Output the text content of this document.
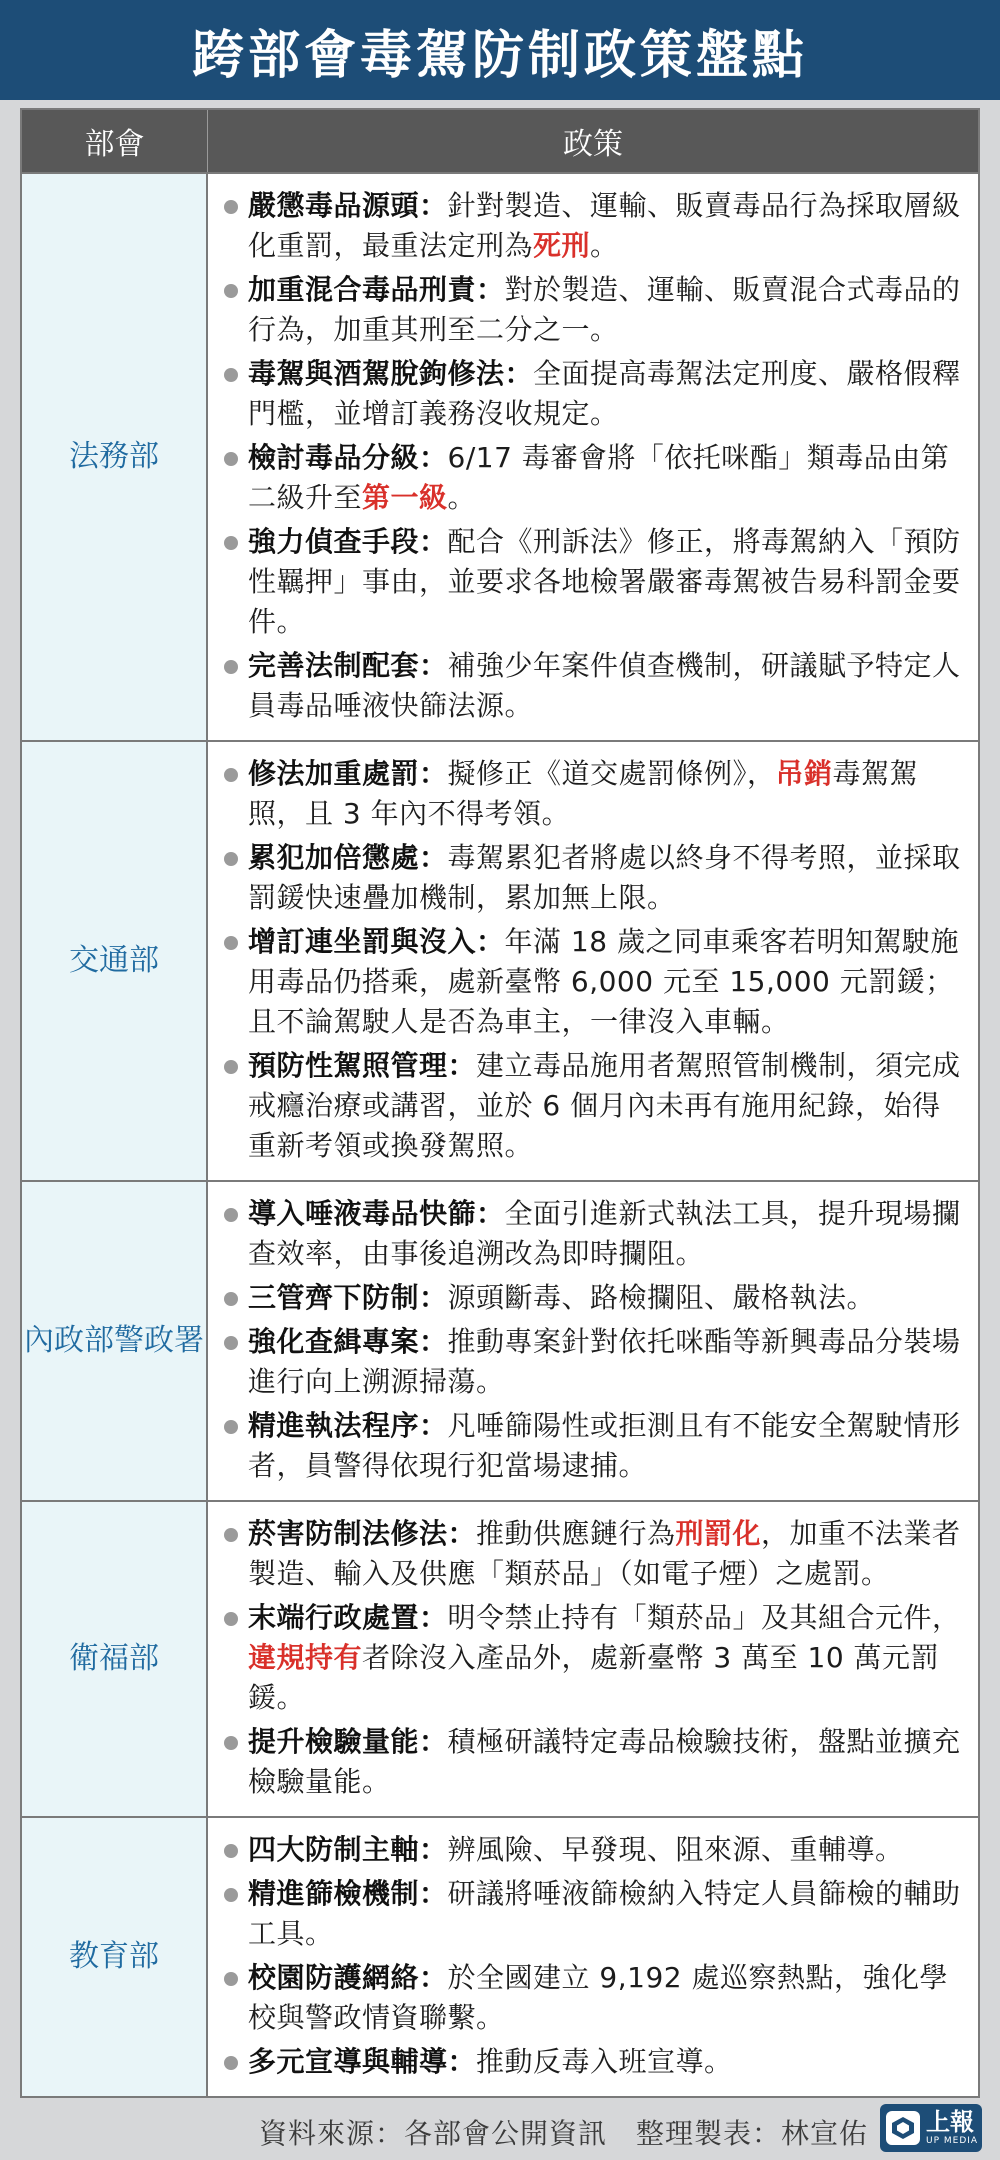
跨部會毒駕防制政策盤點
部會	政策
法務部
嚴懲毒品源頭：針對製造、運輸、販賣毒品行為採取層級化重罰，最重法定刑為死刑。
加重混合毒品刑責：對於製造、運輸、販賣混合式毒品的行為，加重其刑至二分之一。
毒駕與酒駕脫鉤修法：全面提高毒駕法定刑度、嚴格假釋門檻，並增訂義務沒收規定。
檢討毒品分級：6/17 毒審會將「依托咪酯」類毒品由第二級升至第一級。
強力偵查手段：配合《刑訴法》修正，將毒駕納入「預防性羈押」事由，並要求各地檢署嚴審毒駕被告易科罰金要件。
完善法制配套：補強少年案件偵查機制，研議賦予特定人員毒品唾液快篩法源。
交通部
修法加重處罰：擬修正《道交處罰條例》，吊銷毒駕駕照，且 3 年內不得考領。
累犯加倍懲處：毒駕累犯者將處以終身不得考照，並採取罰鍰快速疊加機制，累加無上限。
增訂連坐罰與沒入：年滿 18 歲之同車乘客若明知駕駛施用毒品仍搭乘，處新臺幣 6,000 元至 15,000 元罰鍰；且不論駕駛人是否為車主，一律沒入車輛。
預防性駕照管理：建立毒品施用者駕照管制機制，須完成戒癮治療或講習，並於 6 個月內未再有施用紀錄，始得重新考領或換發駕照。
內政部 警政署
導入唾液毒品快篩：全面引進新式執法工具，提升現場攔查效率，由事後追溯改為即時攔阻。
三管齊下防制：源頭斷毒、路檢攔阻、嚴格執法。
強化查緝專案：推動專案針對依托咪酯等新興毒品分裝場進行向上溯源掃蕩。
精進執法程序：凡唾篩陽性或拒測且有不能安全駕駛情形者，員警得依現行犯當場逮捕。
衛福部
菸害防制法修法：推動供應鏈行為刑罰化，加重不法業者製造、輸入及供應「類菸品」（如電子煙）之處罰。
末端行政處置：明令禁止持有「類菸品」及其組合元件，違規持有者除沒入產品外，處新臺幣 3 萬至 10 萬元罰鍰。
提升檢驗量能：積極研議特定毒品檢驗技術，盤點並擴充檢驗量能。
教育部
四大防制主軸：辨風險、早發現、阻來源、重輔導。
精進篩檢機制：研議將唾液篩檢納入特定人員篩檢的輔助工具。
校園防護網絡：於全國建立 9,192 處巡察熱點，強化學校與警政情資聯繫。
多元宣導與輔導：推動反毒入班宣導。
資料來源：各部會公開資訊　整理製表：林宣佑 上報
UP MEDIA
